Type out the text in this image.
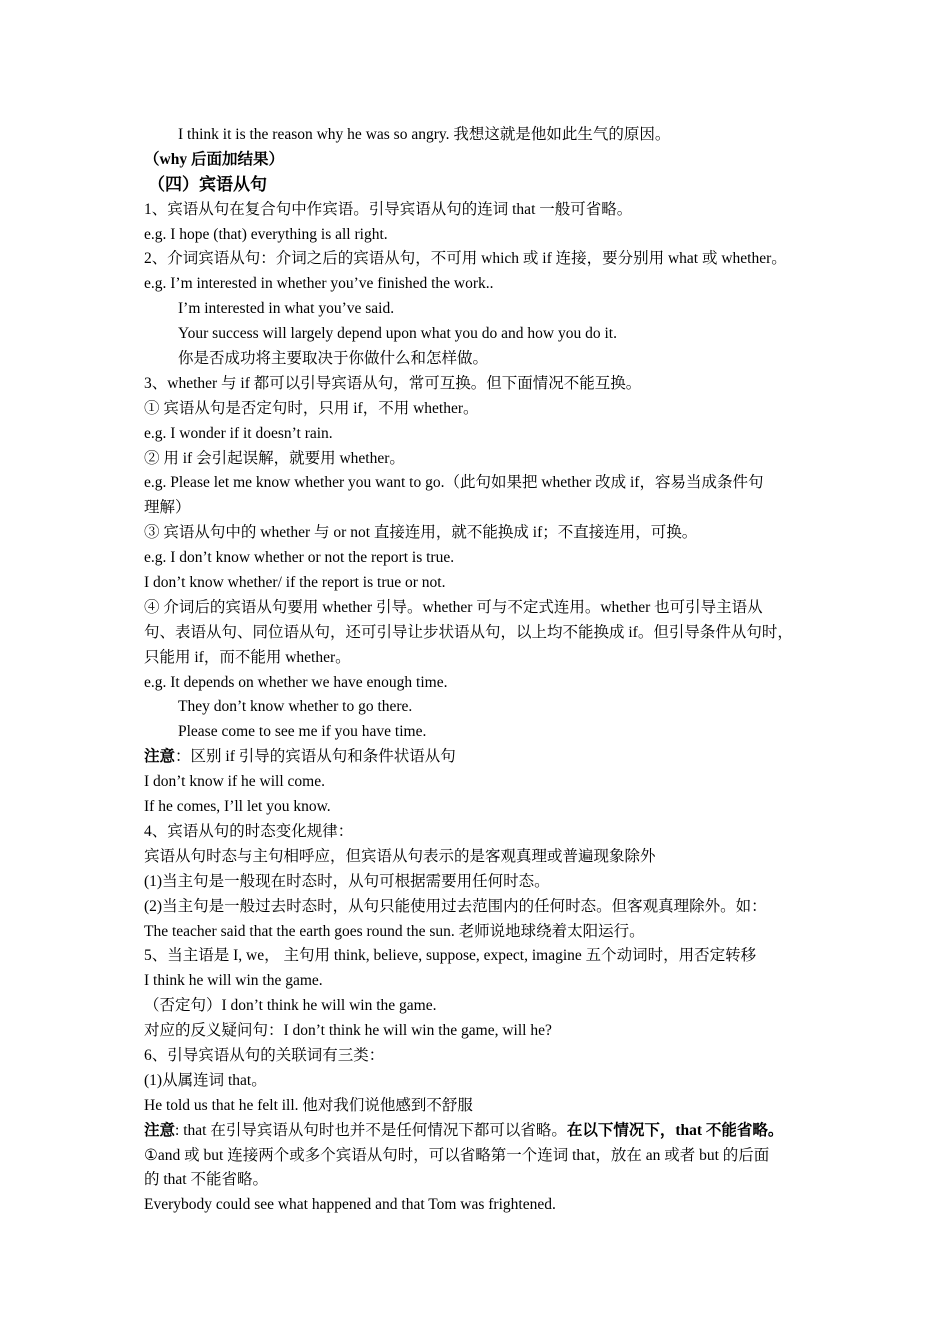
I think it is the reason why he was so angry. 我想这就是他如此生气的原因。
（why 后面加结果）
（四）宾语从句
1、宾语从句在复合句中作宾语。引导宾语从句的连词 that 一般可省略。
e.g. I hope (that) everything is all right.
2、介词宾语从句：介词之后的宾语从句，不可用 which 或 if 连接，要分别用 what 或 whether。
e.g. I’m interested in whether you’ve finished the work..
I’m interested in what you’ve said.
Your success will largely depend upon what you do and how you do it.
你是否成功将主要取决于你做什么和怎样做。
3、whether 与 if 都可以引导宾语从句，常可互换。但下面情况不能互换。
① 宾语从句是否定句时，只用 if，不用 whether。
e.g. I wonder if it doesn’t rain.
② 用 if 会引起误解，就要用 whether。
e.g. Please let me know whether you want to go.（此句如果把 whether 改成 if，容易当成条件句
理解）
③ 宾语从句中的 whether 与 or not 直接连用，就不能换成 if；不直接连用，可换。
e.g. I don’t know whether or not the report is true.
I don’t know whether/ if the report is true or not.
④ 介词后的宾语从句要用 whether 引导。whether 可与不定式连用。whether 也可引导主语从
句、表语从句、同位语从句，还可引导让步状语从句，以上均不能换成 if。但引导条件从句时，
只能用 if，而不能用 whether。
e.g. It depends on whether we have enough time.
They don’t know whether to go there.
Please come to see me if you have time.
注意：区别 if 引导的宾语从句和条件状语从句
I don’t know if he will come.
If he comes, I’ll let you know.
4、宾语从句的时态变化规律：
宾语从句时态与主句相呼应，但宾语从句表示的是客观真理或普遍现象除外
(1)当主句是一般现在时态时，从句可根据需要用任何时态。
(2)当主句是一般过去时态时，从句只能使用过去范围内的任何时态。但客观真理除外。如：
The teacher said that the earth goes round the sun. 老师说地球绕着太阳运行。
5、当主语是 I, we， 主句用 think, believe, suppose, expect, imagine 五个动词时，用否定转移
I think he will win the game.
（否定句）I don’t think he will win the game.
对应的反义疑问句：I don’t think he will win the game, will he?
6、引导宾语从句的关联词有三类：
(1)从属连词 that。
He told us that he felt ill. 他对我们说他感到不舒服
注意: that 在引导宾语从句时也并不是任何情况下都可以省略。在以下情况下，that 不能省略。
①and 或 but 连接两个或多个宾语从句时，可以省略第一个连词 that，放在 an 或者 but 的后面
的 that 不能省略。
Everybody could see what happened and that Tom was frightened.
